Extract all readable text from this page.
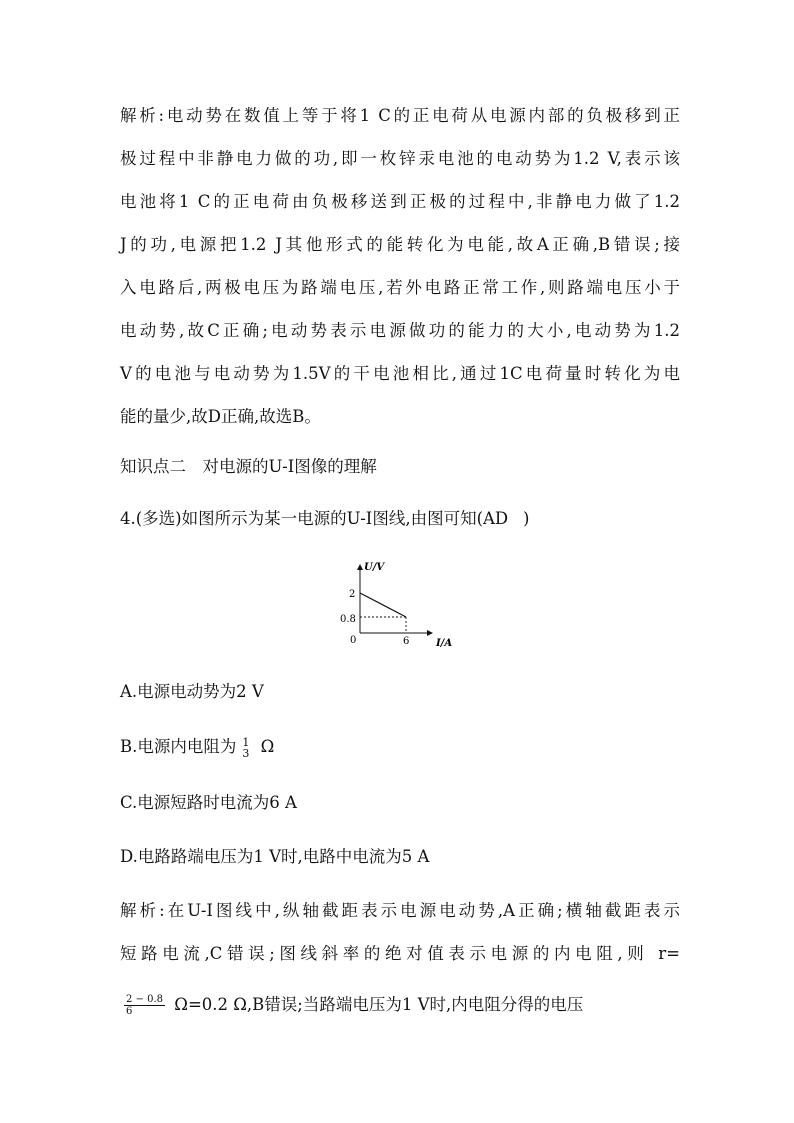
解析:电动势在数值上等于将1 C的正电荷从电源内部的负极移到正
极过程中非静电力做的功,即一枚锌汞电池的电动势为1.2 V,表示该
电池将1 C的正电荷由负极移送到正极的过程中,非静电力做了1.2
J的功,电源把1.2 J其他形式的能转化为电能,故A正确,B错误;接
入电路后,两极电压为路端电压,若外电路正常工作,则路端电压小于
电动势,故C正确;电动势表示电源做功的能力的大小,电动势为1.2
V的电池与电动势为1.5V的干电池相比,通过1C电荷量时转化为电
能的量少,故D正确,故选B。
知识点二　对电源的U-I图像的理解
4.(多选)如图所示为某一电源的U-I图线,由图可知(AD )
U/V
I/A
0
2
0.8
6
A.电源电动势为2 V
B.电源内电阻为 1
3 Ω
C.电源短路时电流为6 A
D.电路路端电压为1 V时,电路中电流为5 A
解析:在U-I图线中,纵轴截距表示电源电动势,A正确;横轴截距表示
短路电流,C错误;图线斜率的绝对值表示电源的内电阻,则 r=
$\frac{2 - 0.8}{6} \Omega=0.2$ Ω,B错误;当路端电压为1 V时,内电阻分得的电压
